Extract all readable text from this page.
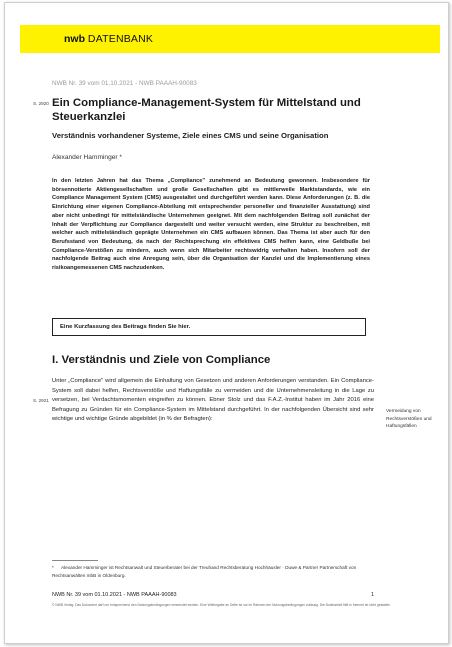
nwb DATENBANK
NWB Nr. 39 vom 01.10.2021 - NWB PAAAH-90083
S. 2920 Ein Compliance-Management-System für Mittelstand und Steuerkanzlei
Verständnis vorhandener Systeme, Ziele eines CMS und seine Organisation
Alexander Hamminger *

In den letzten Jahren hat das Thema „Compliance" zunehmend an Bedeutung gewonnen. Insbesondere für börsennotierte Aktiengesellschaften und große Gesellschaften gibt es mittlerweile Marktstandards, wie ein Compliance Management System (CMS) ausgestaltet und durchgeführt werden kann. Diese Anforderungen (z. B. die Einrichtung einer eigenen Compliance-Abteilung mit entsprechender personeller und finanzieller Ausstattung) sind aber nicht unbedingt für mittelständische Unternehmen geeignet. Mit dem nachfolgenden Beitrag soll zunächst der Inhalt der Verpflichtung zur Compliance dargestellt und weiter versucht werden, eine Struktur zu beschreiben, mit welcher auch mittelständisch geprägte Unternehmen ein CMS aufbauen können. Das Thema ist aber auch für den Berufsstand von Bedeutung, da nach der Rechtsprechung ein effektives CMS helfen kann, eine Geldbuße bei Compliance-Verstößen zu mindern, auch wenn sich Mitarbeiter rechtswidrig verhalten haben. Insofern soll der nachfolgende Beitrag auch eine Anregung sein, über die Organisation der Kanzlei und die Implementierung eines risikoangemessenen CMS nachzudenken.

Eine Kurzfassung des Beitrags finden Sie hier.
I. Verständnis und Ziele von Compliance
S. 2921

Unter „Compliance" wird allgemein die Einhaltung von Gesetzen und anderen Anforderungen verstanden. Ein Compliance-System soll dabei helfen, Rechtsverstöße und Haftungsfälle zu vermeiden und die Unternehmensleitung in die Lage zu versetzen, bei Verdachtsmomenten eingreifen zu können. Ebner Stolz und das F.A.Z.-Institut haben im Jahr 2016 eine Befragung zu Gründen für ein Compliance-System im Mittelstand durchgeführt. In der nachfolgenden Übersicht sind sehr wichtige und wichtige Gründe abgebildet (in % der Befragten):

Vermeidung von Rechtsverstößen und Haftungsfällen

* Alexander Hamminger ist Rechtsanwalt und Steuerberater bei der Treuhand Rechtsberatung Hochhäusler · Duwe & Partner Partnerschaft von Rechtsanwälten mbB in Oldenburg.

NWB Nr. 39 vom 01.10.2021 - NWB PAAAH-90083	1
© NWB Verlag. Das Dokument darf nur entsprechend den Nutzungsbedingungen verwendet werden. Eine Weitergabe an Dritte ist nur im Rahmen der Nutzungsbedingungen zulässig. Die Nutzbarkeit fällt in Internet ist nicht gestattet.
